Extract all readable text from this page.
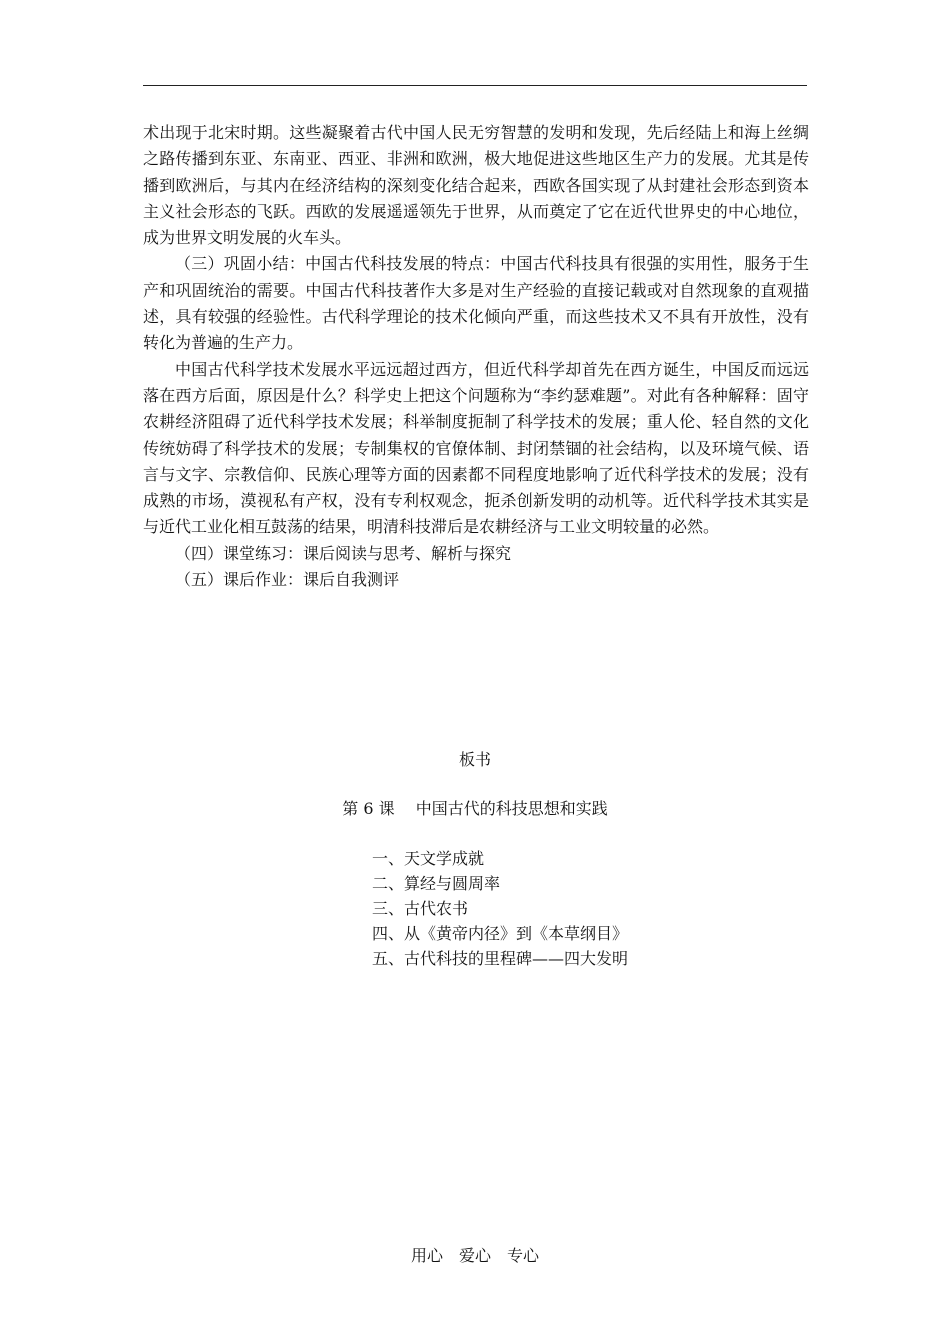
术出现于北宋时期。这些凝聚着古代中国人民无穷智慧的发明和发现，先后经陆上和海上丝绸之路传播到东亚、东南亚、西亚、非洲和欧洲，极大地促进这些地区生产力的发展。尤其是传播到欧洲后，与其内在经济结构的深刻变化结合起来，西欧各国实现了从封建社会形态到资本主义社会形态的飞跃。西欧的发展遥遥领先于世界，从而奠定了它在近代世界史的中心地位，成为世界文明发展的火车头。

（三）巩固小结：中国古代科技发展的特点：中国古代科技具有很强的实用性，服务于生产和巩固统治的需要。中国古代科技著作大多是对生产经验的直接记载或对自然现象的直观描述，具有较强的经验性。古代科学理论的技术化倾向严重，而这些技术又不具有开放性，没有转化为普遍的生产力。

中国古代科学技术发展水平远远超过西方，但近代科学却首先在西方诞生，中国反而远远落在西方后面，原因是什么？科学史上把这个问题称为“李约瑟难题”。对此有各种解释：固守农耕经济阻碍了近代科学技术发展；科举制度扼制了科学技术的发展；重人伦、轻自然的文化传统妨碍了科学技术的发展；专制集权的官僚体制、封闭禁锢的社会结构，以及环境气候、语言与文字、宗教信仰、民族心理等方面的因素都不同程度地影响了近代科学技术的发展；没有成熟的市场，漠视私有产权，没有专利权观念，扼杀创新发明的动机等。近代科学技术其实是与近代工业化相互鼓荡的结果，明清科技滞后是农耕经济与工业文明较量的必然。

（四）课堂练习：课后阅读与思考、解析与探究

（五）课后作业：课后自我测评

板书
第 6 课　 中国古代的科技思想和实践
一、天文学成就
二、算经与圆周率
三、古代农书
四、从《黄帝内径》到《本草纲目》
五、古代科技的里程碑——四大发明
用心　爱心　专心
